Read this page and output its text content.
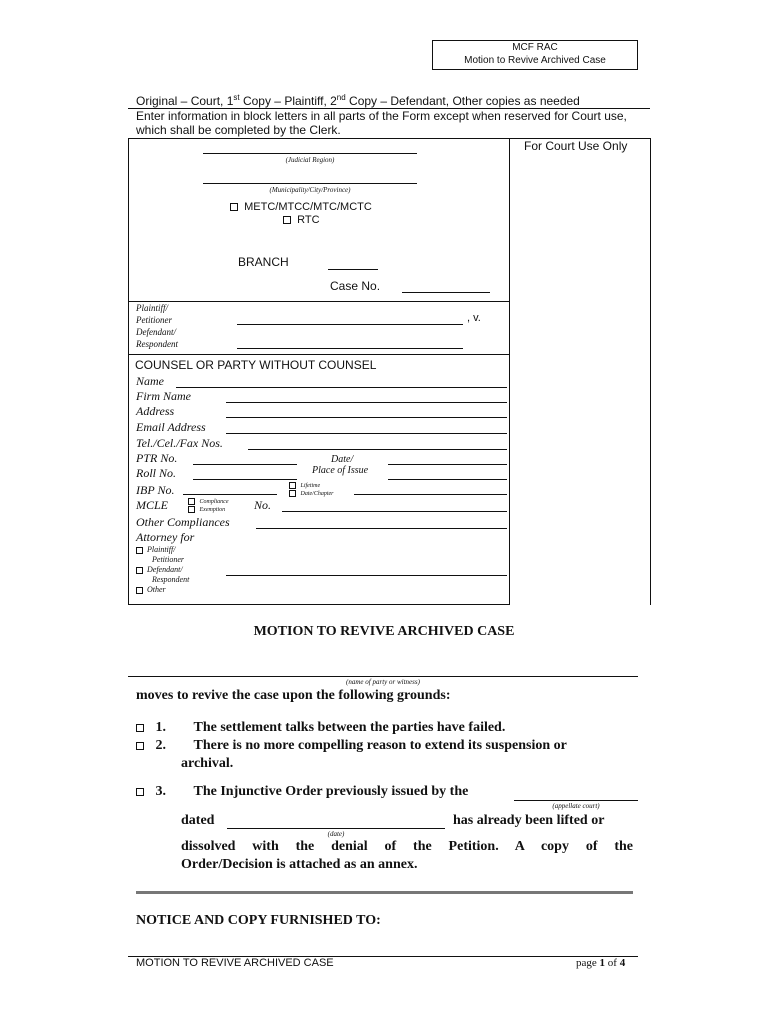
MCF RAC
Motion to Revive Archived Case
Original – Court, 1st Copy – Plaintiff, 2nd Copy – Defendant, Other copies as needed
Enter information in block letters in all parts of the Form except when reserved for Court use, which shall be completed by the Clerk.
For Court Use Only
(Judicial Region)
(Municipality/City/Province)
METC/MTCC/MTC/MCTC
RTC
BRANCH
Case No.
Plaintiff/
Petitioner
Defendant/
Respondent
, v.
COUNSEL OR PARTY WITHOUT COUNSEL
Name
Firm Name
Address
Email Address
Tel./Cel./Fax Nos.
PTR No.	Date/
Roll No.	Place of Issue
IBP No.	Lifetime
Date/Chapter
MCLE	Compliance
Exemption No.
Other Compliances
Attorney for
Plaintiff/
Petitioner
Defendant/
Respondent
Other
MOTION TO REVIVE ARCHIVED CASE
(name of party or witness)
moves to revive the case upon the following grounds:
1. The settlement talks between the parties have failed.
2. There is no more compelling reason to extend its suspension or
archival.
3. The Injunctive Order previously issued by the
(appellate court)
dated
(date)
has already been lifted or
dissolved with the denial of the Petition. A copy of the
Order/Decision is attached as an annex.
NOTICE AND COPY FURNISHED TO:
MOTION TO REVIVE ARCHIVED CASE	page 1 of 4
